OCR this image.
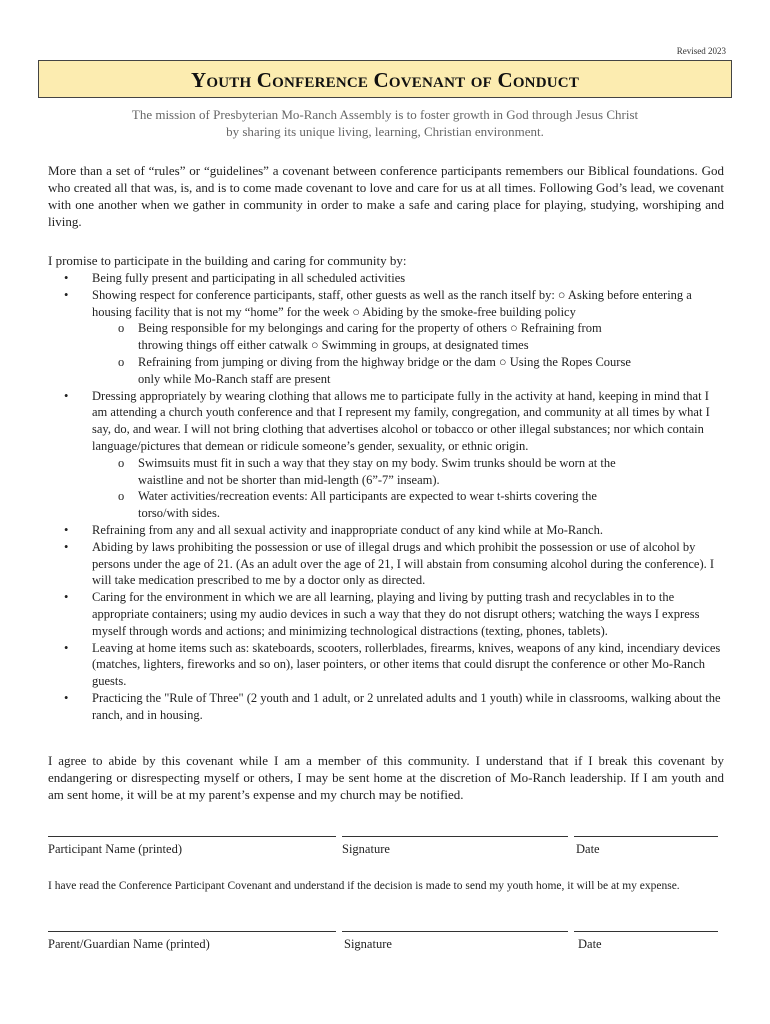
Revised 2023
Youth Conference Covenant of Conduct
The mission of Presbyterian Mo-Ranch Assembly is to foster growth in God through Jesus Christ
by sharing its unique living, learning, Christian environment.
More than a set of “rules” or “guidelines” a covenant between conference participants remembers our Biblical foundations. God who created all that was, is, and is to come made covenant to love and care for us at all times. Following God’s lead, we covenant with one another when we gather in community in order to make a safe and caring place for playing, studying, worshiping and living.
I promise to participate in the building and caring for community by:
• Being fully present and participating in all scheduled activities
• Showing respect for conference participants, staff, other guests as well as the ranch itself by: ○ Asking before entering a housing facility that is not my “home” for the week ○ Abiding by the smoke-free building policy
o Being responsible for my belongings and caring for the property of others ○ Refraining from throwing things off either catwalk ○ Swimming in groups, at designated times
o Refraining from jumping or diving from the highway bridge or the dam ○ Using the Ropes Course only while Mo-Ranch staff are present
• Dressing appropriately by wearing clothing that allows me to participate fully in the activity at hand, keeping in mind that I am attending a church youth conference and that I represent my family, congregation, and community at all times by what I say, do, and wear. I will not bring clothing that advertises alcohol or tobacco or other illegal substances; nor which contain language/pictures that demean or ridicule someone’s gender, sexuality, or ethnic origin.
o Swimsuits must fit in such a way that they stay on my body. Swim trunks should be worn at the waistline and not be shorter than mid-length (6”-7” inseam).
o Water activities/recreation events: All participants are expected to wear t-shirts covering the torso/with sides.
• Refraining from any and all sexual activity and inappropriate conduct of any kind while at Mo-Ranch.
• Abiding by laws prohibiting the possession or use of illegal drugs and which prohibit the possession or use of alcohol by persons under the age of 21. (As an adult over the age of 21, I will abstain from consuming alcohol during the conference). I will take medication prescribed to me by a doctor only as directed.
• Caring for the environment in which we are all learning, playing and living by putting trash and recyclables in to the appropriate containers; using my audio devices in such a way that they do not disrupt others; watching the ways I express myself through words and actions; and minimizing technological distractions (texting, phones, tablets).
• Leaving at home items such as: skateboards, scooters, rollerblades, firearms, knives, weapons of any kind, incendiary devices (matches, lighters, fireworks and so on), laser pointers, or other items that could disrupt the conference or other Mo-Ranch guests.
• Practicing the "Rule of Three" (2 youth and 1 adult, or 2 unrelated adults and 1 youth) while in classrooms, walking about the ranch, and in housing.
I agree to abide by this covenant while I am a member of this community. I understand that if I break this covenant by endangering or disrespecting myself or others, I may be sent home at the discretion of Mo-Ranch leadership. If I am youth and am sent home, it will be at my parent’s expense and my church may be notified.
Participant Name (printed)	Signature	Date
I have read the Conference Participant Covenant and understand if the decision is made to send my youth home, it will be at my expense.
Parent/Guardian Name (printed)	Signature	Date
